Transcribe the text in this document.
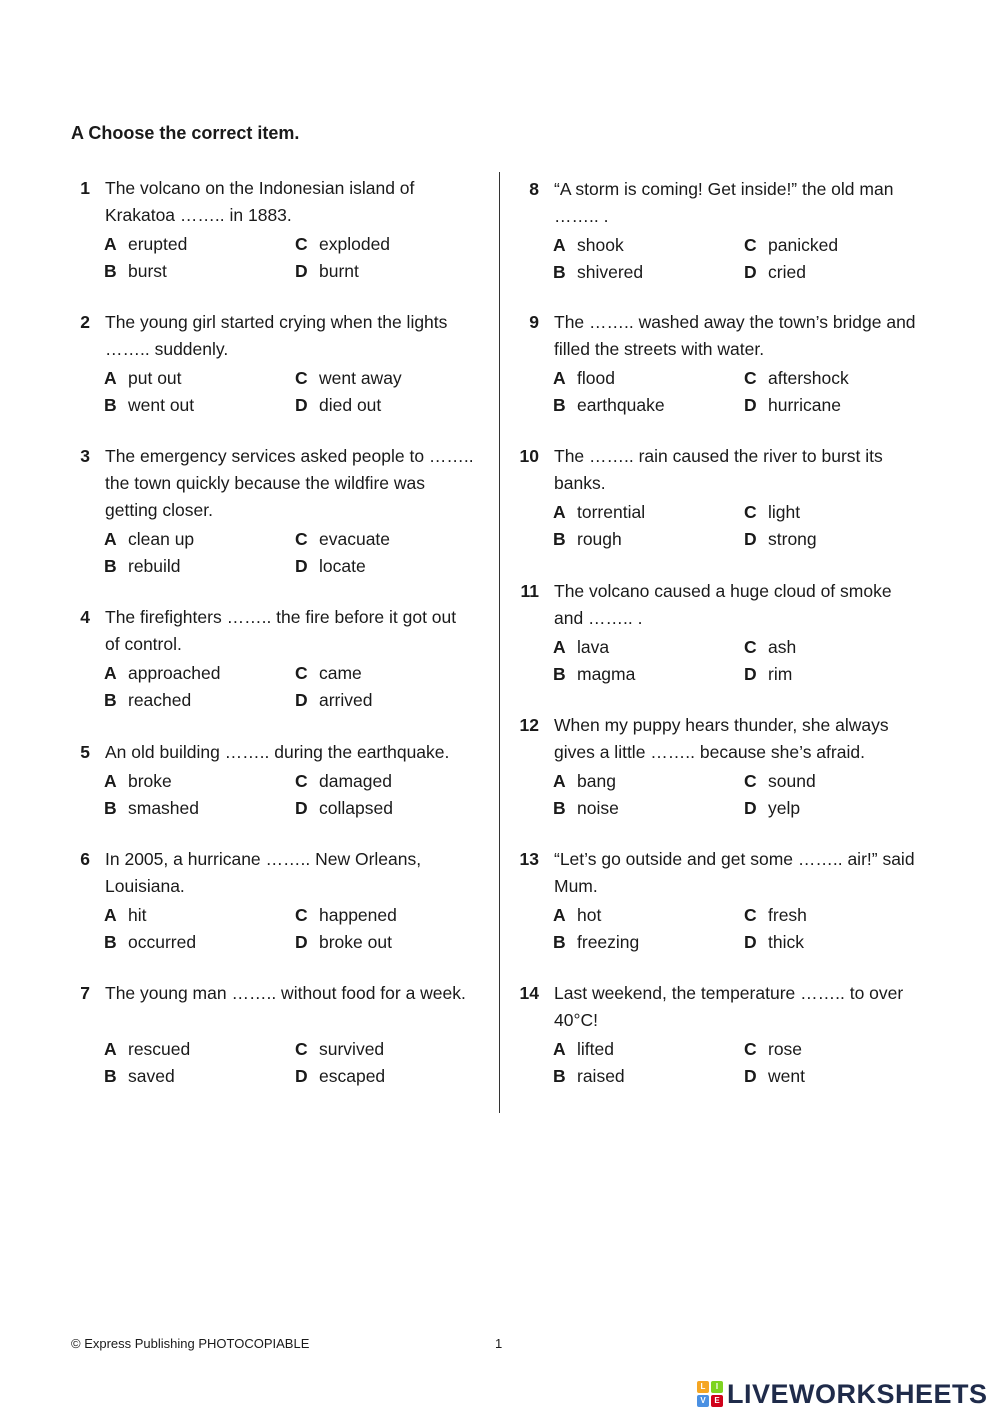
A Choose the correct item.
1 The volcano on the Indonesian island of Krakatoa …….. in 1883.
A erupted	C exploded
B burst	D burnt
2 The young girl started crying when the lights …….. suddenly.
A put out	C went away
B went out	D died out
3 The emergency services asked people to …….. the town quickly because the wildfire was getting closer.
A clean up	C evacuate
B rebuild	D locate
4 The firefighters …….. the fire before it got out of control.
A approached	C came
B reached	D arrived
5 An old building …….. during the earthquake.
A broke	C damaged
B smashed	D collapsed
6 In 2005, a hurricane …….. New Orleans, Louisiana.
A hit	C happened
B occurred	D broke out
7 The young man …….. without food for a week.
A rescued	C survived
B saved	D escaped
8 “A storm is coming! Get inside!” the old man …….. .
A shook	C panicked
B shivered	D cried
9 The …….. washed away the town’s bridge and filled the streets with water.
A flood	C aftershock
B earthquake	D hurricane
10 The …….. rain caused the river to burst its banks.
A torrential	C light
B rough	D strong
11 The volcano caused a huge cloud of smoke and …….. .
A lava	C ash
B magma	D rim
12 When my puppy hears thunder, she always gives a little …….. because she’s afraid.
A bang	C sound
B noise	D yelp
13 “Let’s go outside and get some …….. air!” said Mum.
A hot	C fresh
B freezing	D thick
14 Last weekend, the temperature …….. to over 40°C!
A lifted	C rose
B raised	D went
© Express Publishing PHOTOCOPIABLE	1
L	I
V	E LIVEWORKSHEETS
